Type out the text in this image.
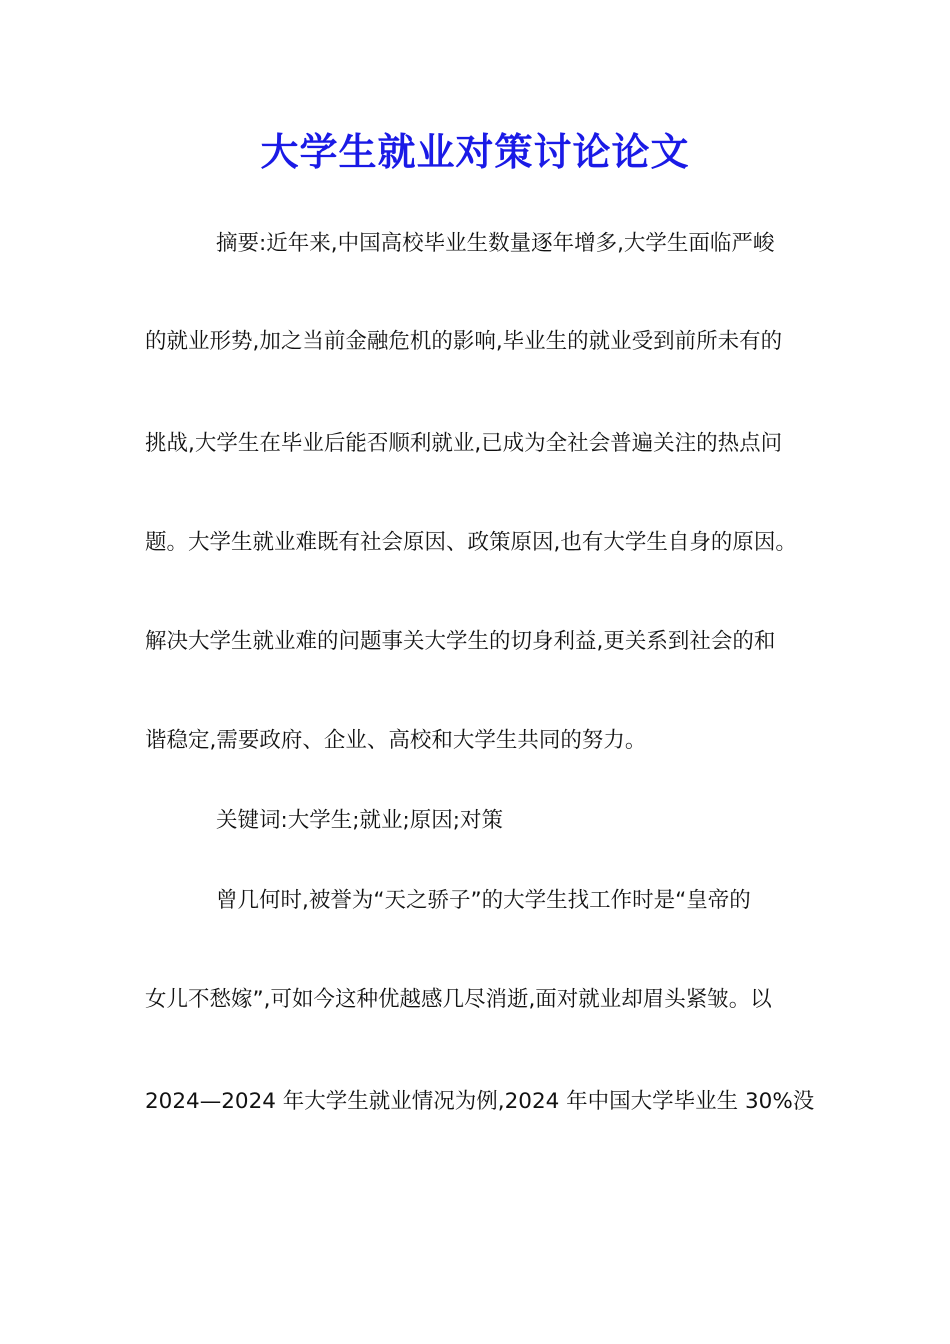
大学生就业对策讨论论文

摘要:近年来,中国高校毕业生数量逐年增多,大学生面临严峻

的就业形势,加之当前金融危机的影响,毕业生的就业受到前所未有的

挑战,大学生在毕业后能否顺利就业,已成为全社会普遍关注的热点问

题。大学生就业难既有社会原因、政策原因,也有大学生自身的原因。

解决大学生就业难的问题事关大学生的切身利益,更关系到社会的和

谐稳定,需要政府、企业、高校和大学生共同的努力。

关键词:大学生;就业;原因;对策

曾几何时,被誉为“天之骄子”的大学生找工作时是“皇帝的

女儿不愁嫁”,可如今这种优越感几尽消逝,面对就业却眉头紧皱。以

2024—2024 年大学生就业情况为例,2024 年中国大学毕业生 30%没
